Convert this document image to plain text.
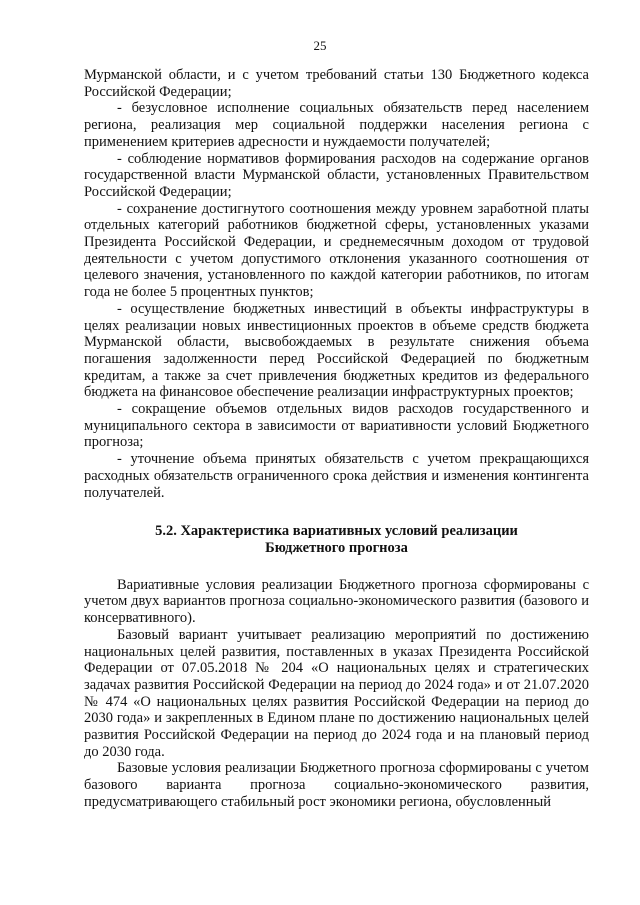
25

Мурманской области, и с учетом требований статьи 130 Бюджетного кодекса Российской Федерации;

- безусловное исполнение социальных обязательств перед населением региона, реализация мер социальной поддержки населения региона с применением критериев адресности и нуждаемости получателей;

- соблюдение нормативов формирования расходов на содержание органов государственной власти Мурманской области, установленных Правительством Российской Федерации;

- сохранение достигнутого соотношения между уровнем заработной платы отдельных категорий работников бюджетной сферы, установленных указами Президента Российской Федерации, и среднемесячным доходом от трудовой деятельности с учетом допустимого отклонения указанного соотношения от целевого значения, установленного по каждой категории работников, по итогам года не более 5 процентных пунктов;

- осуществление бюджетных инвестиций в объекты инфраструктуры в целях реализации новых инвестиционных проектов в объеме средств бюджета Мурманской области, высвобождаемых в результате снижения объема погашения задолженности перед Российской Федерацией по бюджетным кредитам, а также за счет привлечения бюджетных кредитов из федерального бюджета на финансовое обеспечение реализации инфраструктурных проектов;

- сокращение объемов отдельных видов расходов государственного и муниципального сектора в зависимости от вариативности условий Бюджетного прогноза;

- уточнение объема принятых обязательств с учетом прекращающихся расходных обязательств ограниченного срока действия и изменения контингента получателей.

5.2. Характеристика вариативных условий реализации
Бюджетного прогноза

Вариативные условия реализации Бюджетного прогноза сформированы с учетом двух вариантов прогноза социально-экономического развития (базового и консервативного).

Базовый вариант учитывает реализацию мероприятий по достижению национальных целей развития, поставленных в указах Президента Российской Федерации от 07.05.2018 № 204 «О национальных целях и стратегических задачах развития Российской Федерации на период до 2024 года» и от 21.07.2020 № 474 «О национальных целях развития Российской Федерации на период до 2030 года» и закрепленных в Едином плане по достижению национальных целей развития Российской Федерации на период до 2024 года и на плановый период до 2030 года.

Базовые условия реализации Бюджетного прогноза сформированы с учетом базового варианта прогноза социально-экономического развития, предусматривающего стабильный рост экономики региона, обусловленный
